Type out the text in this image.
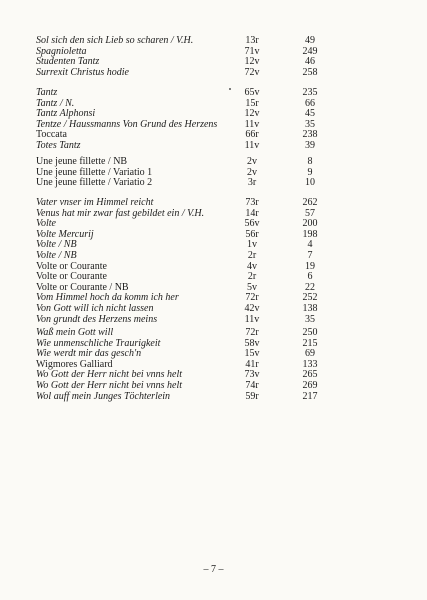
Sol sich den sich Lieb so scharen / V.H.	13r	49
Spagnioletta	71v	249
Studenten Tantz	12v	46
Surrexit Christus hodie	72v	258
Tantz	65v	235
Tantz / N.	15r	66
Tantz Alphonsi	12v	45
Tentze / Haussmanns Von Grund des Herzens	11v	35
Toccata	66r	238
Totes Tantz	11v	39
Une jeune fillette / NB	2v	8
Une jeune fillette / Variatio 1	2v	9
Une jeune fillette / Variatio 2	3r	10
Vater vnser im Himmel reicht	73r	262
Venus hat mir zwar fast gebildet ein / V.H.	14r	57
Volte	56v	200
Volte Mercurij	56r	198
Volte / NB	1v	4
Volte / NB	2r	7
Volte or Courante	4v	19
Volte or Courante	2r	6
Volte or Courante / NB	5v	22
Vom Himmel hoch da komm ich her	72r	252
Von Gott will ich nicht lassen	42v	138
Von grundt des Herzens meins	11v	35
Waß mein Gott will	72r	250
Wie unmenschliche Traurigkeit	58v	215
Wie werdt mir das gesch'n	15v	69
Wigmores Galliard	41r	133
Wo Gott der Herr nicht bei vnns helt	73v	265
Wo Gott der Herr nicht bei vnns helt	74r	269
Wol auff mein Junges Töchterlein	59r	217
– 7 –
